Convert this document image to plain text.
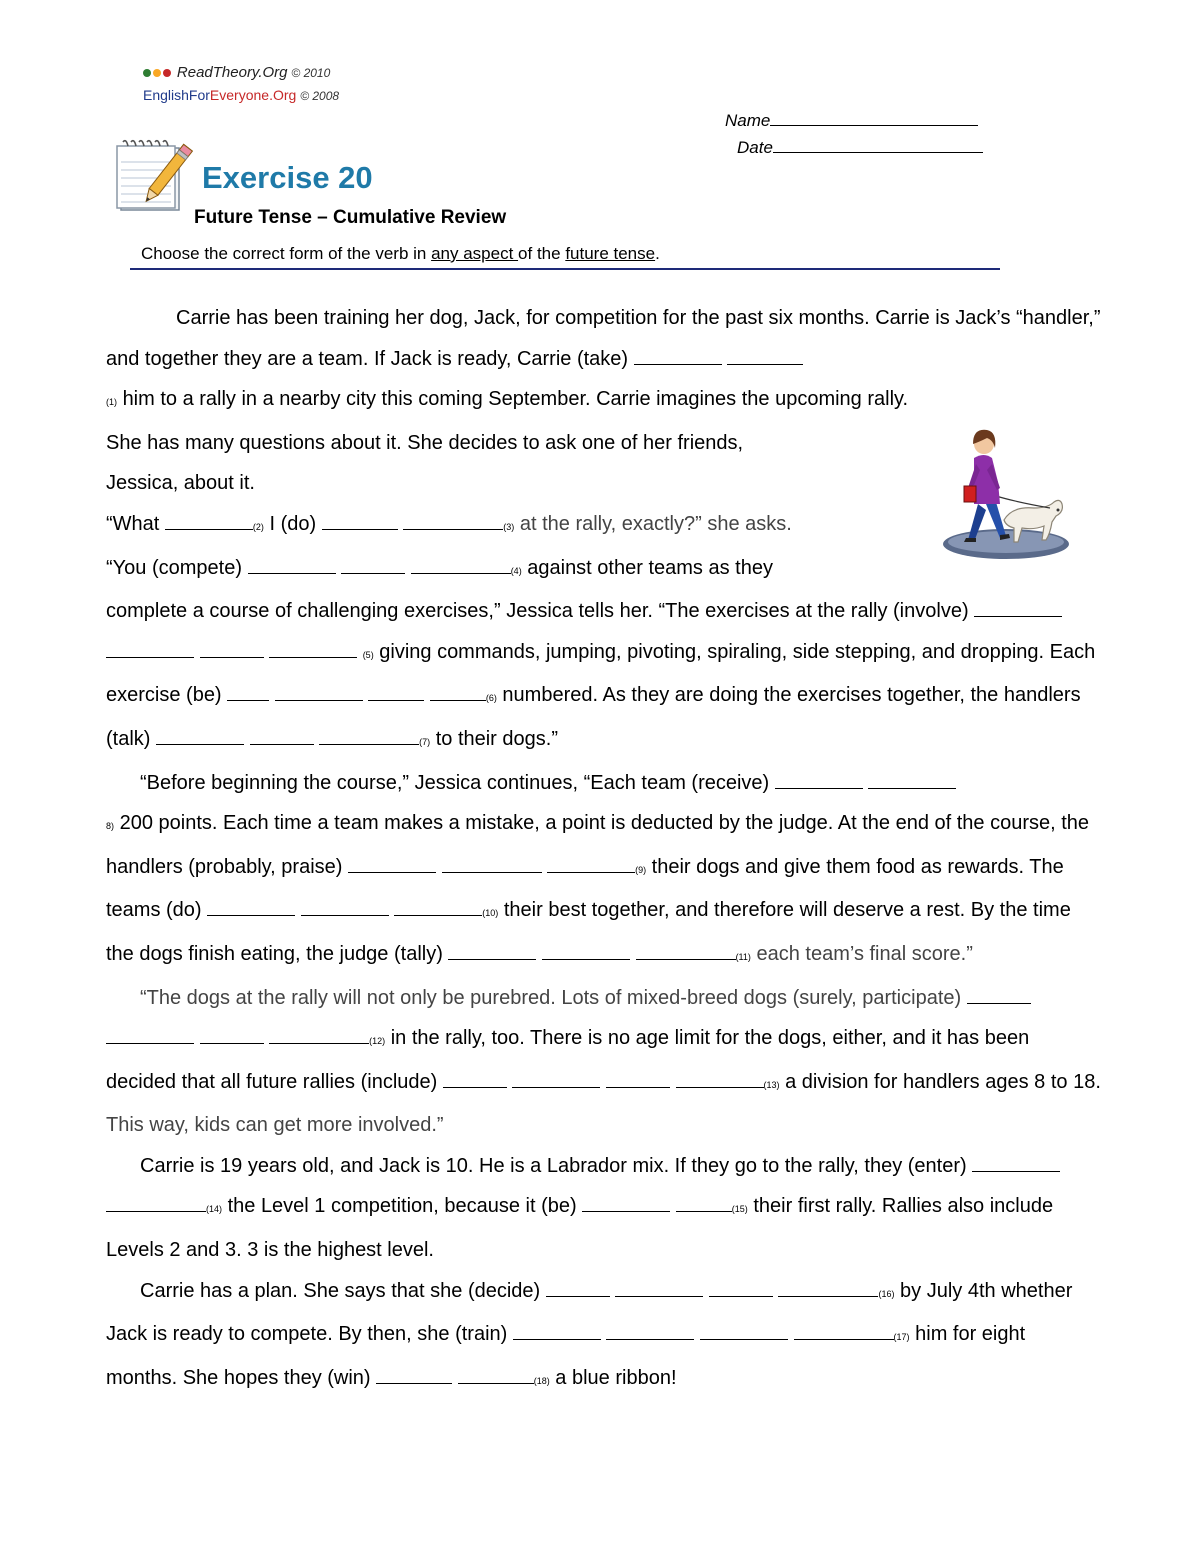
ReadTheory.Org © 2010
EnglishForEveryone.Org © 2008
Name
Date
Exercise 20
Future Tense – Cumulative Review
Choose the correct form of the verb in any aspect of the future tense.

Carrie has been training her dog, Jack, for competition for the past six months. Carrie is Jack’s “handler,” and together they are a team. If Jack is ready, Carrie (take)
(1) him to a rally in a nearby city this coming September. Carrie imagines the upcoming rally.
She has many questions about it. She decides to ask one of her friends,
Jessica, about it.

“What	(2) I (do)	(3) at the rally, exactly?” she asks.

“You (compete)	(4) against other teams as they
complete a course of challenging exercises,” Jessica tells her. “The exercises at the rally (involve)     (5) giving commands, jumping, pivoting, spiraling, side stepping, and dropping. Each exercise (be)	(6) numbered. As they are doing the exercises together, the handlers (talk)	(7) to their dogs.”

“Before beginning the course,” Jessica continues, “Each team (receive)
8) 200 points. Each time a team makes a mistake, a point is deducted by the judge. At the end of the course, the handlers (probably, praise)	(9) their dogs and give them food as rewards. The teams (do)	(10) their best together, and therefore will deserve a rest. By the time the dogs finish eating, the judge (tally)	(11) each team’s final score.”

“The dogs at the rally will not only be purebred. Lots of mixed-breed dogs (surely, participate)    (12) in the rally, too. There is no age limit for the dogs, either, and it has been decided that all future rallies (include)	(13) a division for handlers ages 8 to 18. This way, kids can get more involved.”

Carrie is 19 years old, and Jack is 10. He is a Labrador mix. If they go to the rally, they (enter)  (14) the Level 1 competition, because it (be)	(15) their first rally. Rallies also include Levels 2 and 3. 3 is the highest level.

Carrie has a plan. She says that she (decide)	(16) by July 4th whether Jack is ready to compete. By then, she (train)	(17) him for eight months. She hopes they (win)	(18) a blue ribbon!
